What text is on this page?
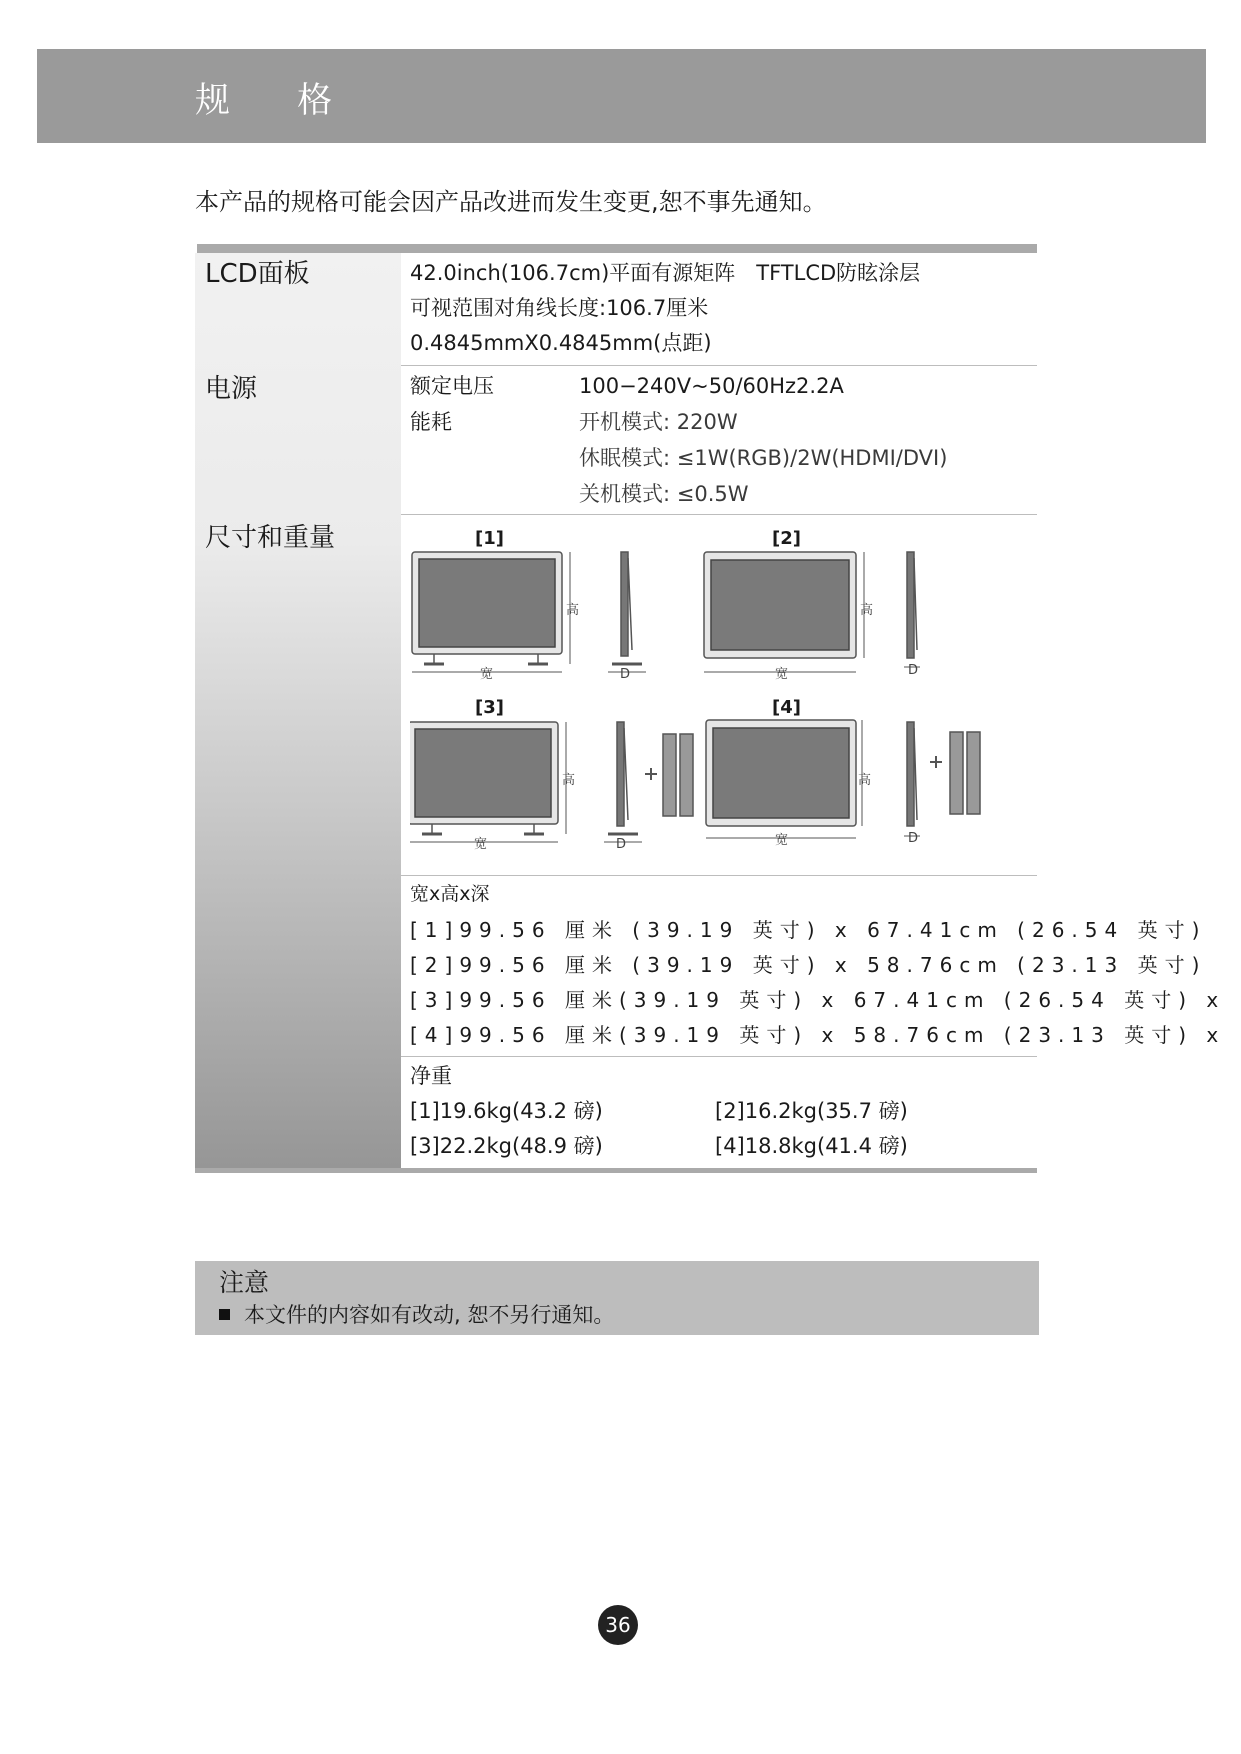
规 格
本产品的规格可能会因产品改进而发生变更,恕不事先通知。
LCD面板	42.0inch(106.7cm)平面有源矩阵　TFTLCD防眩涂层
可视范围对角线长度:106.7厘米
0.4845mmX0.4845mm(点距)
电源	额定电压	100−240V~50/60Hz2.2A
能耗	开机模式: 220W
休眠模式: ≤1W(RGB)/2W(HDMI/DVI)
关机模式: ≤0.5W
尺寸和重量
宽
高
D	宽
高
D
宽
高
D	宽
高
D
[1]	[2]
[3]	[4]
宽x高x深
[1]99.56 厘米 (39.19 英寸) x 67.41cm (26.54 英寸)
[2]99.56 厘米 (39.19 英寸) x 58.76cm (23.13 英寸)
[3]99.56 厘米(39.19 英寸) x 67.41cm (26.54 英寸) x
[4]99.56 厘米(39.19 英寸) x 58.76cm (23.13 英寸) x
净重
[1]19.6kg(43.2 磅)	[2]16.2kg(35.7 磅)
[3]22.2kg(48.9 磅)	[4]18.8kg(41.4 磅)
注意
本文件的内容如有改动, 恕不另行通知。
36
